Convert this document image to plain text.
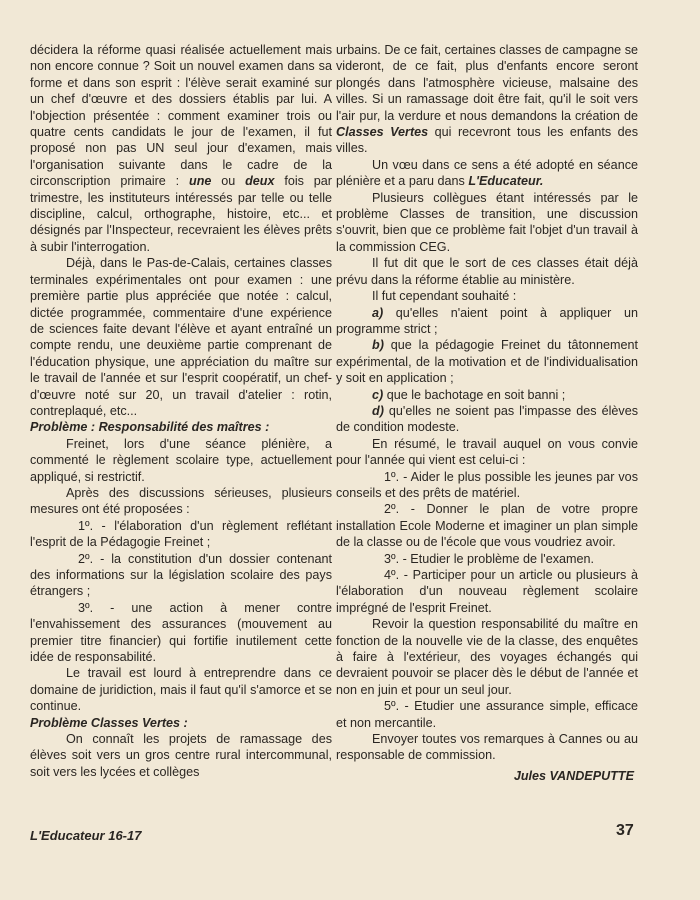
décidera la réforme quasi réalisée actuellement mais non encore connue ? Soit un nouvel examen dans sa forme et dans son esprit : l'élève serait examiné sur un chef d'œuvre et des dossiers établis par lui. A l'objection présentée : comment examiner trois ou quatre cents candidats le jour de l'examen, il fut proposé non pas UN seul jour d'examen, mais l'organisation suivante dans le cadre de la circonscription primaire : une ou deux fois par trimestre, les instituteurs intéressés par telle ou telle discipline, calcul, orthographe, histoire, etc... et désignés par l'Inspecteur, recevraient les élèves prêts à subir l'interrogation.

Déjà, dans le Pas-de-Calais, certaines classes terminales expérimentales ont pour examen : une première partie plus appréciée que notée : calcul, dictée programmée, commentaire d'une expérience de sciences faite devant l'élève et ayant entraîné un compte rendu, une deuxième partie comprenant de l'éducation physique, une appréciation du maître sur le travail de l'année et sur l'esprit coopératif, un chef-d'œuvre noté sur 20, un travail d'atelier : rotin, contreplaqué, etc...

Problème : Responsabilité des maîtres :

Freinet, lors d'une séance plénière, a commenté le règlement scolaire type, actuellement appliqué, si restrictif.

Après des discussions sérieuses, plusieurs mesures ont été proposées :

1º. - l'élaboration d'un règlement reflétant l'esprit de la Pédagogie Freinet ;

2º. - la constitution d'un dossier contenant des informations sur la législation scolaire des pays étrangers ;

3º. - une action à mener contre l'envahissement des assurances (mouvement au premier titre financier) qui fortifie inutilement cette idée de responsabilité.

Le travail est lourd à entreprendre dans ce domaine de juridiction, mais il faut qu'il s'amorce et se continue.

Problème Classes Vertes :

On connaît les projets de ramassage des élèves soit vers un gros centre rural intercommunal, soit vers les lycées et collèges

urbains. De ce fait, certaines classes de campagne se videront, de ce fait, plus d'enfants encore seront plongés dans l'atmosphère vicieuse, malsaine des villes. Si un ramassage doit être fait, qu'il le soit vers l'air pur, la verdure et nous demandons la création de Classes Vertes qui recevront tous les enfants des villes.

Un vœu dans ce sens a été adopté en séance plénière et a paru dans L'Educateur.

Plusieurs collègues étant intéressés par le problème Classes de transition, une discussion s'ouvrit, bien que ce problème fait l'objet d'un travail à la commission CEG.

Il fut dit que le sort de ces classes était déjà prévu dans la réforme établie au ministère.

Il fut cependant souhaité :

a) qu'elles n'aient point à appliquer un programme strict ;

b) que la pédagogie Freinet du tâtonnement expérimental, de la motivation et de l'individualisation y soit en application ;

c) que le bachotage en soit banni ;

d) qu'elles ne soient pas l'impasse des élèves de condition modeste.

En résumé, le travail auquel on vous convie pour l'année qui vient est celui-ci :

1º. - Aider le plus possible les jeunes par vos conseils et des prêts de matériel.

2º. - Donner le plan de votre propre installation Ecole Moderne et imaginer un plan simple de la classe ou de l'école que vous voudriez avoir.

3º. - Etudier le problème de l'examen.

4º. - Participer pour un article ou plusieurs à l'élaboration d'un nouveau règlement scolaire imprégné de l'esprit Freinet.

Revoir la question responsabilité du maître en fonction de la nouvelle vie de la classe, des enquêtes à faire à l'extérieur, des voyages échangés qui devraient pouvoir se placer dès le début de l'année et non en juin et pour un seul jour.

5º. - Etudier une assurance simple, efficace et non mercantile.

Envoyer toutes vos remarques à Cannes ou au responsable de commission.

Jules VANDEPUTTE

L'Educateur 16-17	37
